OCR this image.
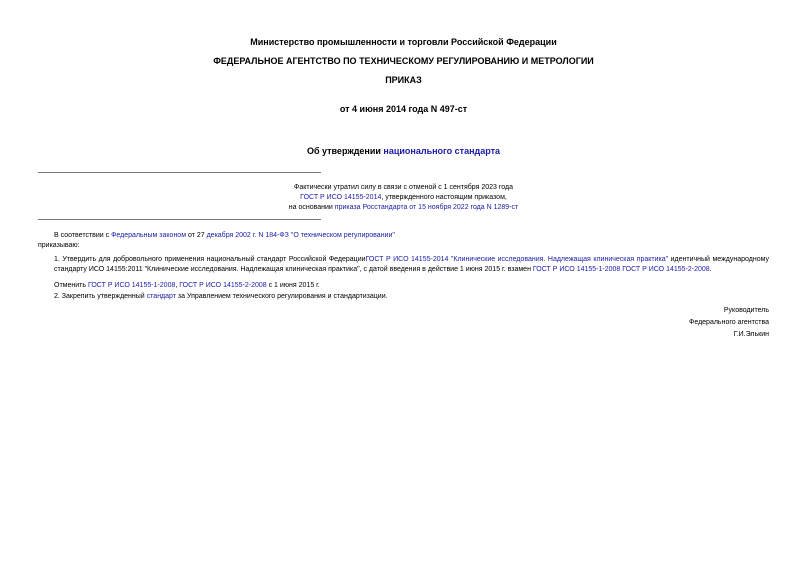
Министерство промышленности и торговли Российской Федерации
ФЕДЕРАЛЬНОЕ АГЕНТСТВО ПО ТЕХНИЧЕСКОМУ РЕГУЛИРОВАНИЮ И МЕТРОЛОГИИ
ПРИКАЗ
от 4 июня 2014 года N 497-ст
Об утверждении национального стандарта
Фактически утратил силу в связи с отменой с 1 сентября 2023 года
ГОСТ Р ИСО 14155-2014, утвержденного настоящим приказом,
на основании приказа Росстандарта от 15 ноября 2022 года N 1289-ст
В соответствии с Федеральным законом от 27 декабря 2002 г. N 184-ФЗ "О техническом регулировании"
приказываю:
1. Утвердить для добровольного применения национальный стандарт Российской ФедерацииГОСТ Р ИСО 14155-2014 "Клинические исследования. Надлежащая клиническая практика" идентичный международному стандарту ИСО 14155:2011 "Клинические исследования. Надлежащая клиническая практика", с датой введения в действие 1 июня 2015 г. взамен ГОСТ Р ИСО 14155-1-2008 ГОСТ Р ИСО 14155-2-2008.
Отменить ГОСТ Р ИСО 14155-1-2008, ГОСТ Р ИСО 14155-2-2008 с 1 июня 2015 г.
2. Закрепить утвержденный стандарт за Управлением технического регулирования и стандартизации.
Руководитель
Федерального агентства
Г.И.Элькин
